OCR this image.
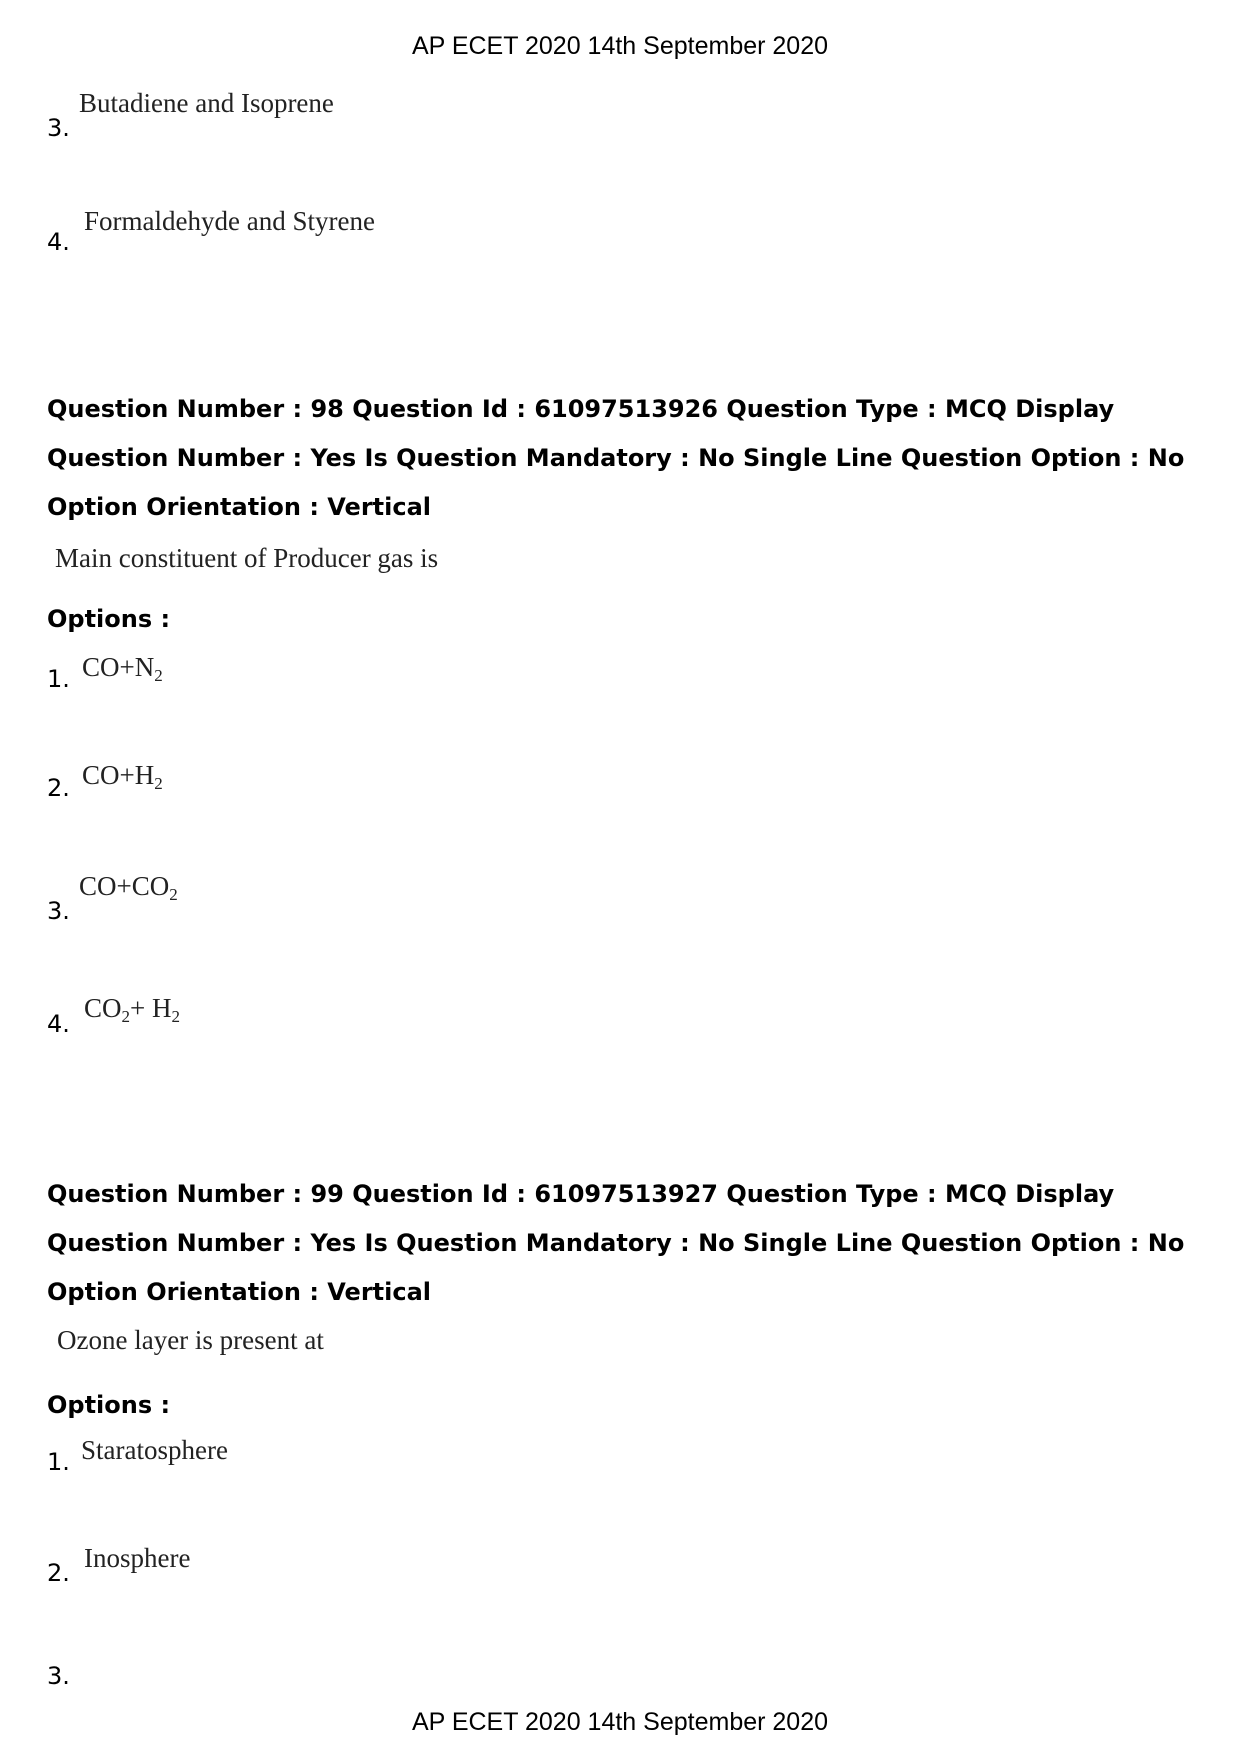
AP ECET 2020 14th September 2020
3.
Butadiene and Isoprene
4.
Formaldehyde and Styrene
Question Number : 98 Question Id : 61097513926 Question Type : MCQ Display Question Number : Yes Is Question Mandatory : No Single Line Question Option : No Option Orientation : Vertical
Main constituent of Producer gas is
Options :
1. $CO+N_2$
2. $CO+H_2$
3.
$CO+CO_2$
4.
$CO_2+ H_2$
Question Number : 99 Question Id : 61097513927 Question Type : MCQ Display Question Number : Yes Is Question Mandatory : No Single Line Question Option : No Option Orientation : Vertical
Ozone layer is present at
Options :
1. Staratosphere
2. Inosphere
3.
AP ECET 2020 14th September 2020
